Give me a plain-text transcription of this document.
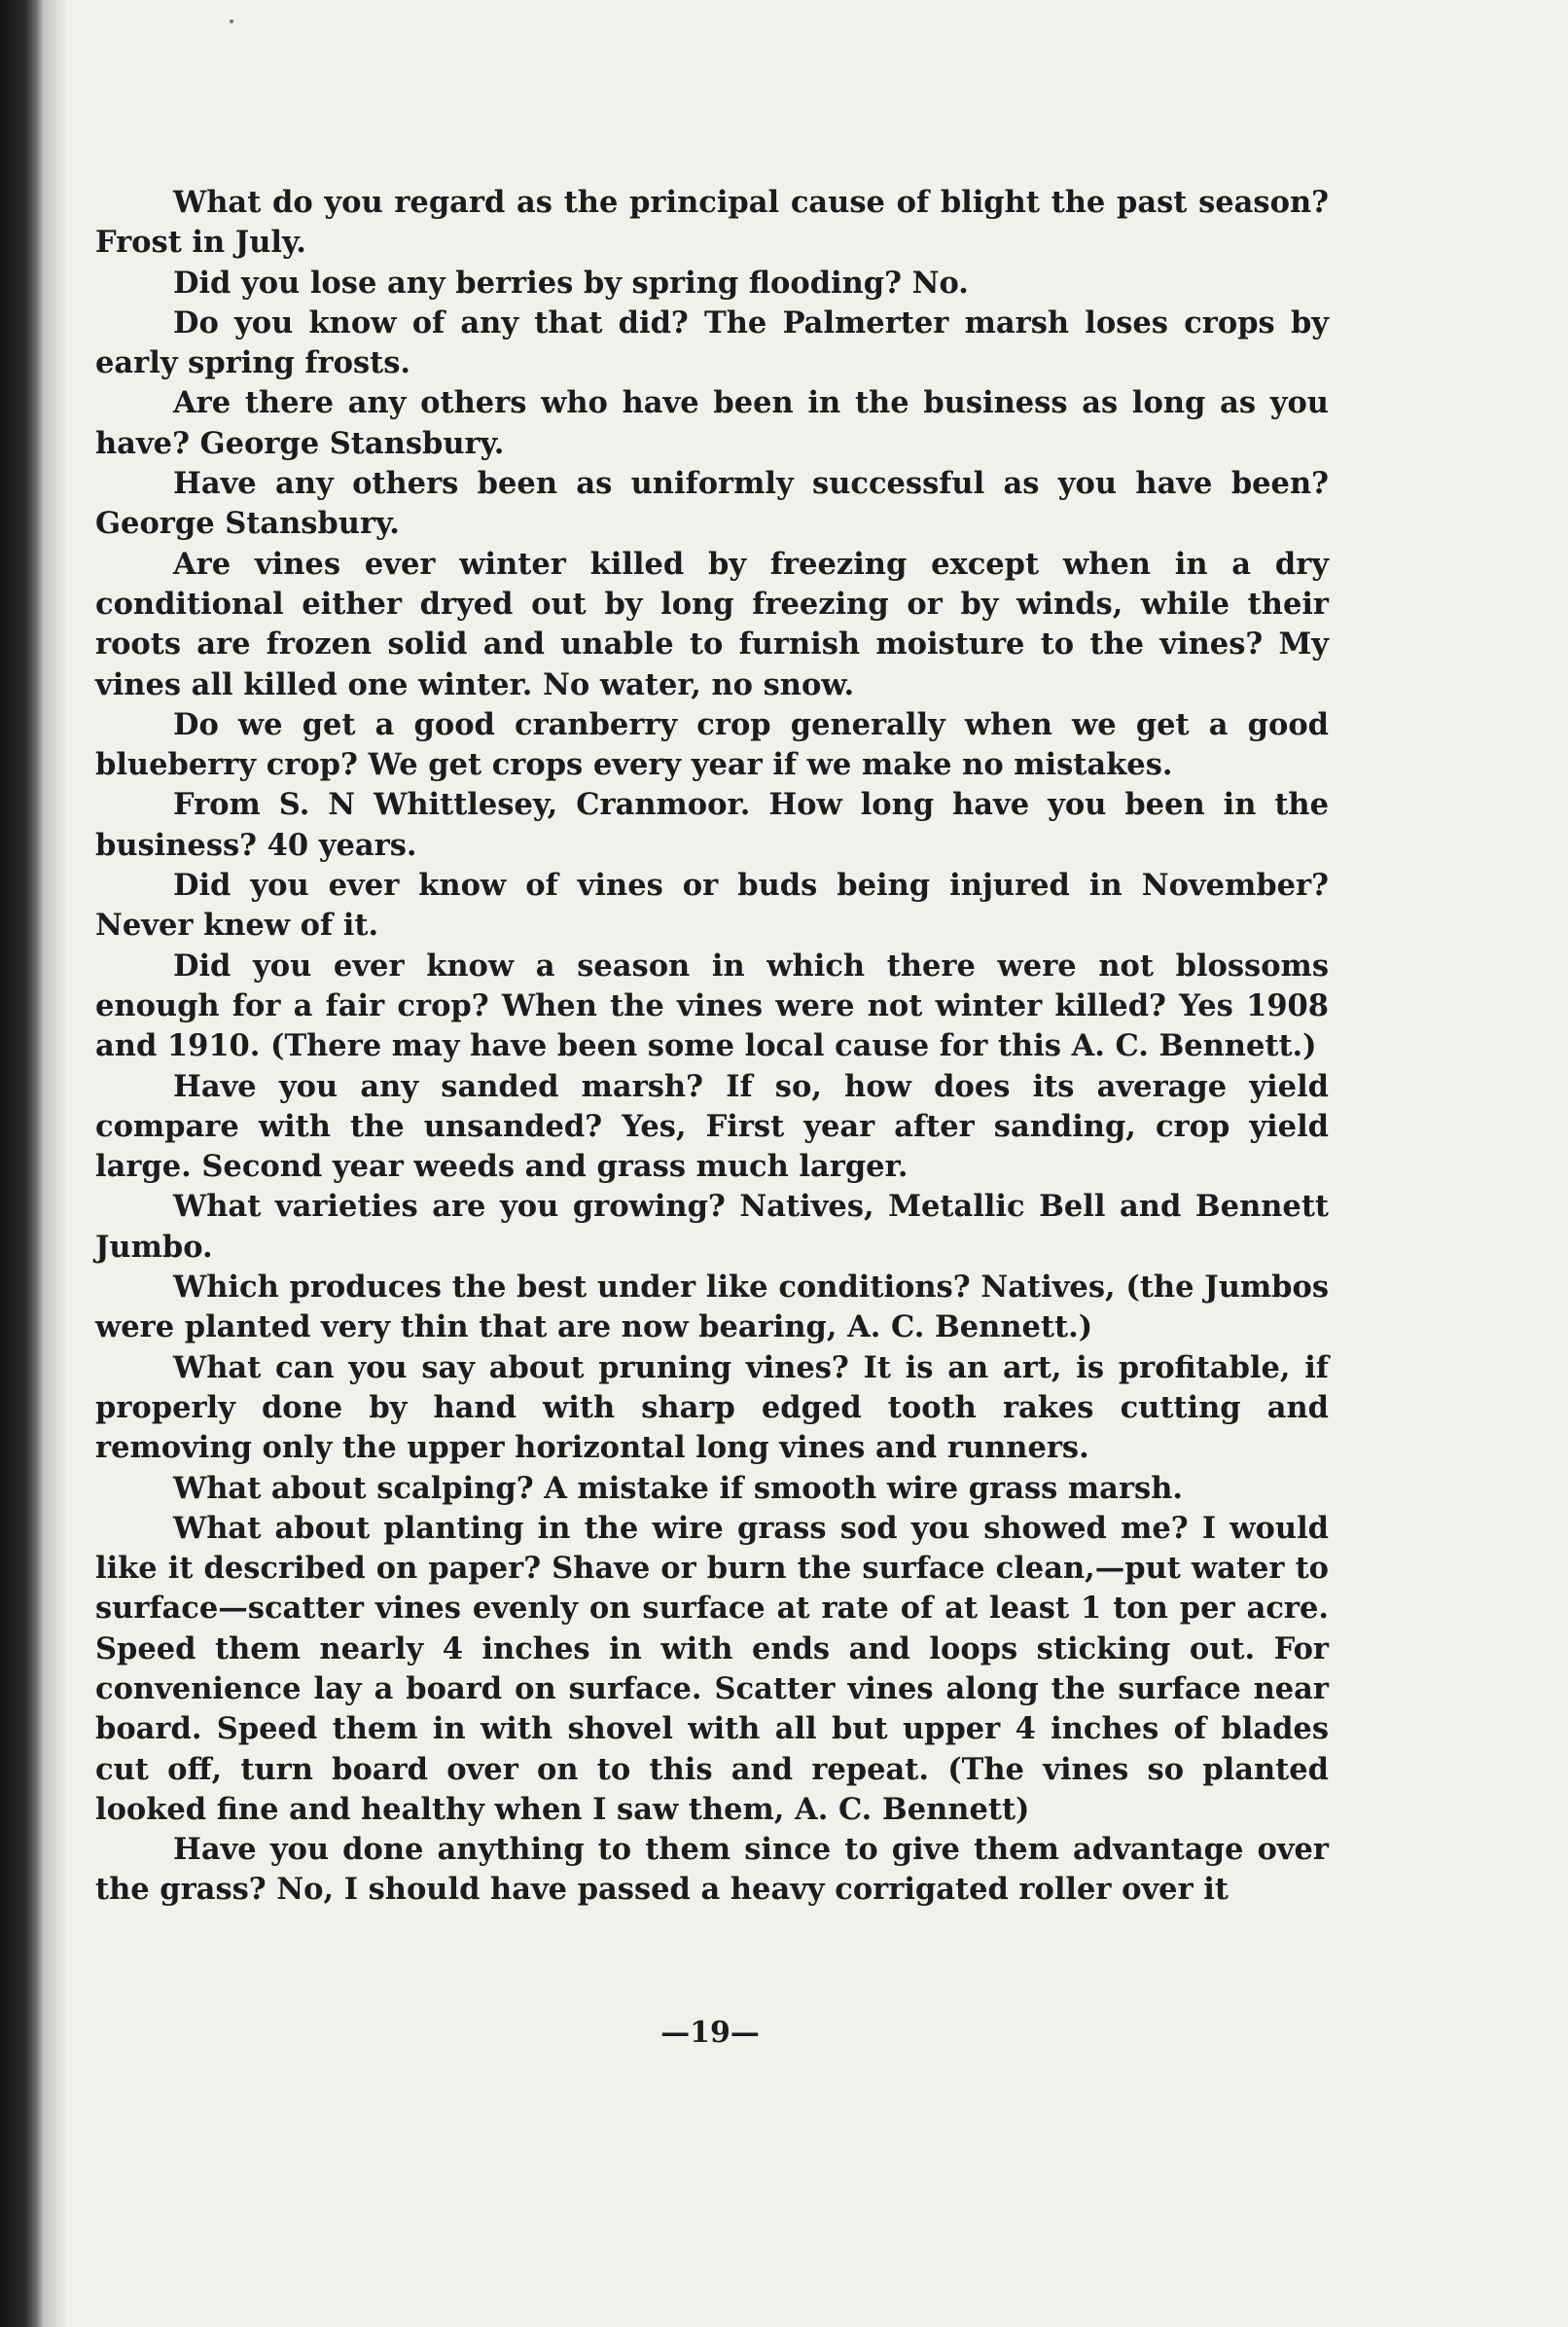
What do you regard as the principal cause of blight the past season? Frost in July.

Did you lose any berries by spring flooding? No.

Do you know of any that did? The Palmerter marsh loses crops by early spring frosts.

Are there any others who have been in the business as long as you have? George Stansbury.

Have any others been as uniformly successful as you have been? George Stansbury.

Are vines ever winter killed by freezing except when in a dry conditional either dryed out by long freezing or by winds, while their roots are frozen solid and unable to furnish moisture to the vines? My vines all killed one winter. No water, no snow.

Do we get a good cranberry crop generally when we get a good blueberry crop? We get crops every year if we make no mistakes.

From S. N Whittlesey, Cranmoor. How long have you been in the business? 40 years.

Did you ever know of vines or buds being injured in November? Never knew of it.

Did you ever know a season in which there were not blossoms enough for a fair crop? When the vines were not winter killed? Yes 1908 and 1910. (There may have been some local cause for this A. C. Bennett.)

Have you any sanded marsh? If so, how does its average yield compare with the unsanded? Yes, First year after sanding, crop yield large. Second year weeds and grass much larger.

What varieties are you growing? Natives, Metallic Bell and Bennett Jumbo.

Which produces the best under like conditions? Natives, (the Jumbos were planted very thin that are now bearing, A. C. Bennett.)

What can you say about pruning vines? It is an art, is profitable, if properly done by hand with sharp edged tooth rakes cutting and removing only the upper horizontal long vines and runners.

What about scalping? A mistake if smooth wire grass marsh.

What about planting in the wire grass sod you showed me? I would like it described on paper? Shave or burn the surface clean,—put water to surface—scatter vines evenly on surface at rate of at least 1 ton per acre. Speed them nearly 4 inches in with ends and loops sticking out. For convenience lay a board on surface. Scatter vines along the surface near board. Speed them in with shovel with all but upper 4 inches of blades cut off, turn board over on to this and repeat. (The vines so planted looked fine and healthy when I saw them, A. C. Bennett)

Have you done anything to them since to give them advantage over the grass? No, I should have passed a heavy corrigated roller over it

—19—
